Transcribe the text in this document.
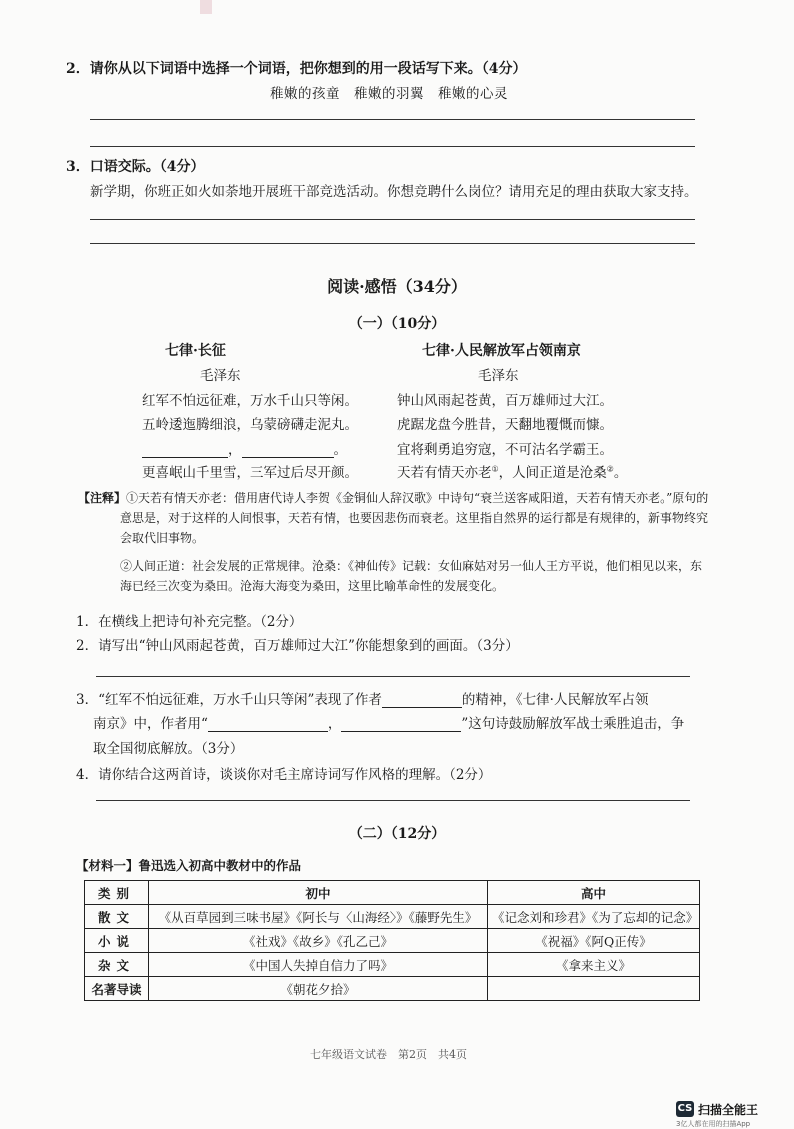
2．请你从以下词语中选择一个词语，把你想到的用一段话写下来。（4分）
稚嫩的孩童　稚嫩的羽翼　稚嫩的心灵
3．口语交际。（4分）
新学期，你班正如火如荼地开展班干部竞选活动。你想竞聘什么岗位？请用充足的理由获取大家支持。
阅读·感悟（34分）
（一）（10分）
七律·长征
毛泽东
红军不怕远征难，万水千山只等闲。
五岭逶迤腾细浪，乌蒙磅礴走泥丸。
，	。
更喜岷山千里雪，三军过后尽开颜。
七律·人民解放军占领南京
毛泽东
钟山风雨起苍黄，百万雄师过大江。
虎踞龙盘今胜昔，天翻地覆慨而慷。
宜将剩勇追穷寇，不可沽名学霸王。
天若有情天亦老①，人间正道是沧桑②。
【注释】①天若有情天亦老：借用唐代诗人李贺《金铜仙人辞汉歌》中诗句“衰兰送客咸阳道，天若有情天亦老。”原句的
意思是，对于这样的人间恨事，天若有情，也要因悲伤而衰老。这里指自然界的运行都是有规律的，新事物终究
会取代旧事物。
②人间正道：社会发展的正常规律。沧桑：《神仙传》记载：女仙麻姑对另一仙人王方平说，他们相见以来，东
海已经三次变为桑田。沧海大海变为桑田，这里比喻革命性的发展变化。
1．在横线上把诗句补充完整。（2分）
2．请写出“钟山风雨起苍黄，百万雄师过大江”你能想象到的画面。（3分）
3．“红军不怕远征难，万水千山只等闲”表现了作者	的精神，《七律·人民解放军占领
南京》中，作者用“	，	”这句诗鼓励解放军战士乘胜追击，争
取全国彻底解放。（3分）
4．请你结合这两首诗，谈谈你对毛主席诗词写作风格的理解。（2分）
（二）（12分）
【材料一】鲁迅选入初高中教材中的作品
类别	初中	高中
散文	《从百草园到三味书屋》《阿长与〈山海经〉》《藤野先生》	《记念刘和珍君》《为了忘却的记念》
小说	《社戏》《故乡》《孔乙己》	《祝福》《阿Q正传》
杂文	《中国人失掉自信力了吗》	《拿来主义》
名著导读	《朝花夕拾》	
七年级语文试卷　第2页　共4页
CS 扫描全能王
3亿人都在用的扫描App
